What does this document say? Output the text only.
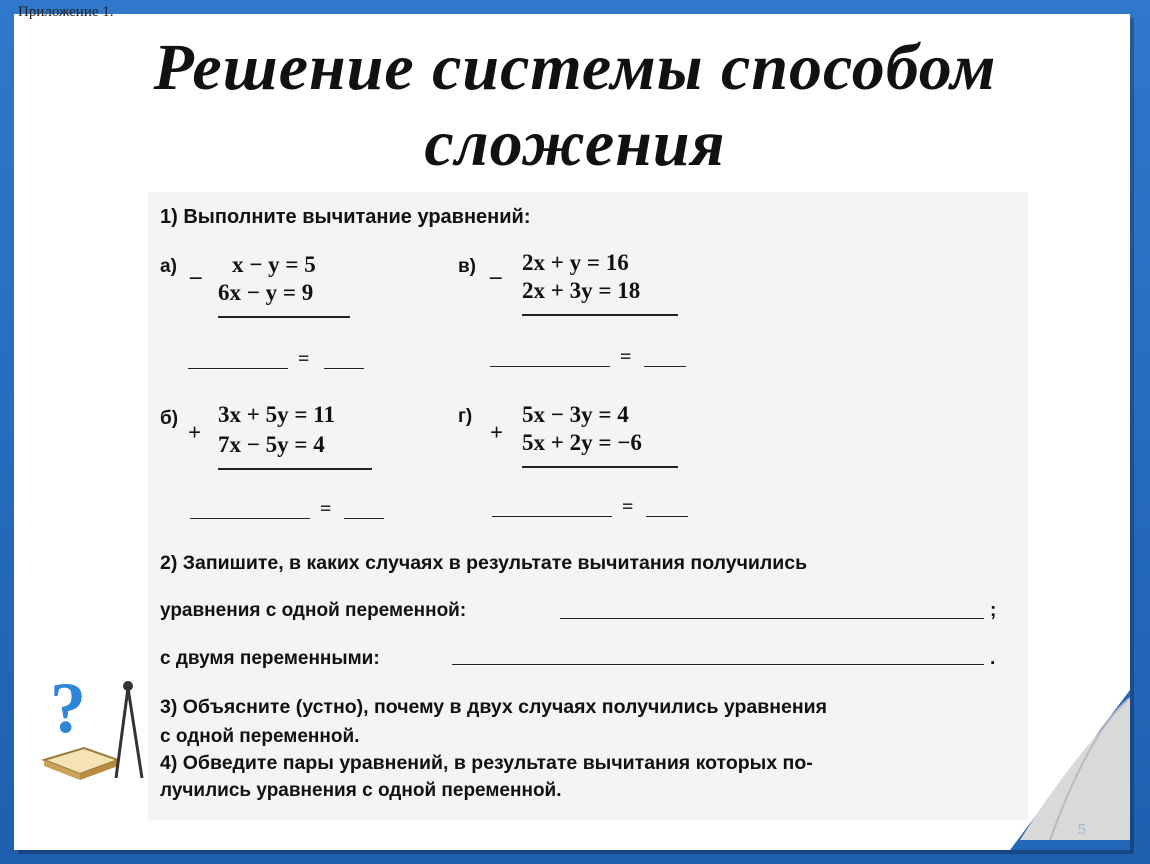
Приложение 1.
Решение системы способом
сложения
1) Выполните вычитание уравнений:
а) _ x − y = 5
6x − y = 9
=
в) _ 2x + y = 16
2x + 3y = 18
=
б)
+
3x + 5y = 11
7x − 5y = 4
=
г)
+
5x − 3y = 4
5x + 2y = −6
=
2) Запишите, в каких случаях в результате вычитания получились
уравнения с одной переменной:	;
с двумя переменными:	.
3) Объясните (устно), почему в двух случаях получились уравнения
с одной переменной.
4) Обведите пары уравнений, в результате вычитания которых по-
лучились уравнения с одной переменной.
?
5
